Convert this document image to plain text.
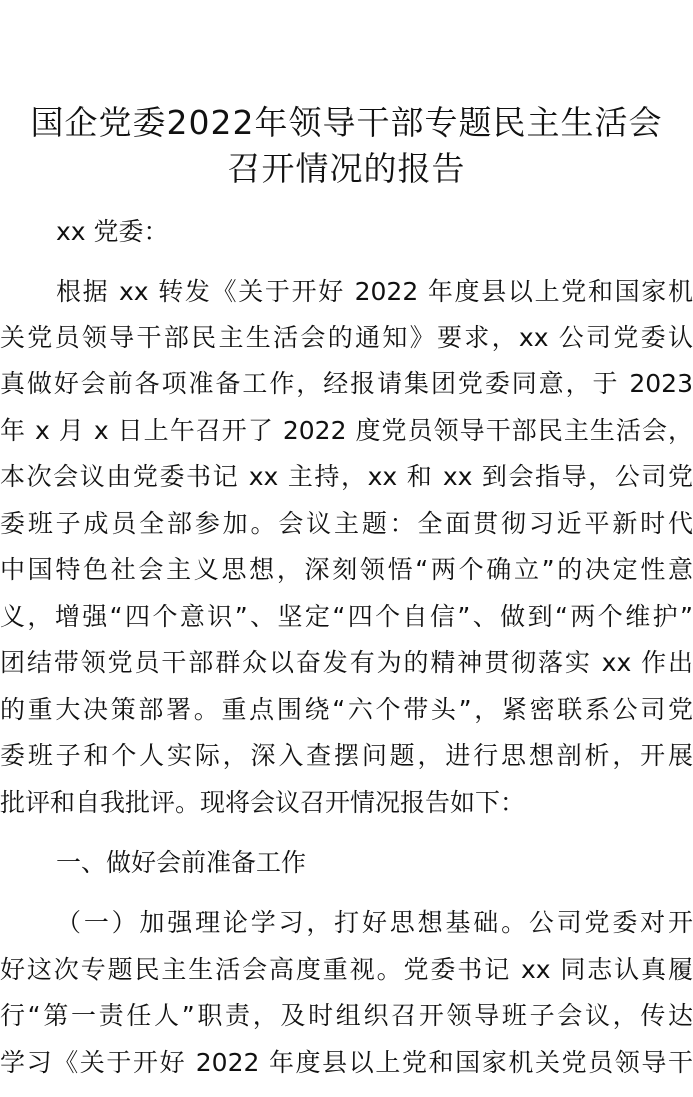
国企党委2022年领导干部专题民主生活会
召开情况的报告

xx 党委：

根据 xx 转发《关于开好 2022 年度县以上党和国家机

关党员领导干部民主生活会的通知》要求，xx 公司党委认

真做好会前各项准备工作，经报请集团党委同意，于 2023

年 x 月 x 日上午召开了 2022 度党员领导干部民主生活会，

本次会议由党委书记 xx 主持，xx 和 xx 到会指导，公司党

委班子成员全部参加。会议主题：全面贯彻习近平新时代

中国特色社会主义思想，深刻领悟“两个确立”的决定性意

义，增强“四个意识”、坚定“四个自信”、做到“两个维护”

团结带领党员干部群众以奋发有为的精神贯彻落实 xx 作出

的重大决策部署。重点围绕“六个带头”，紧密联系公司党

委班子和个人实际，深入查摆问题，进行思想剖析，开展

批评和自我批评。现将会议召开情况报告如下：

一、做好会前准备工作

（一）加强理论学习，打好思想基础。公司党委对开

好这次专题民主生活会高度重视。党委书记 xx 同志认真履

行“第一责任人”职责，及时组织召开领导班子会议，传达

学习《关于开好 2022 年度县以上党和国家机关党员领导干
